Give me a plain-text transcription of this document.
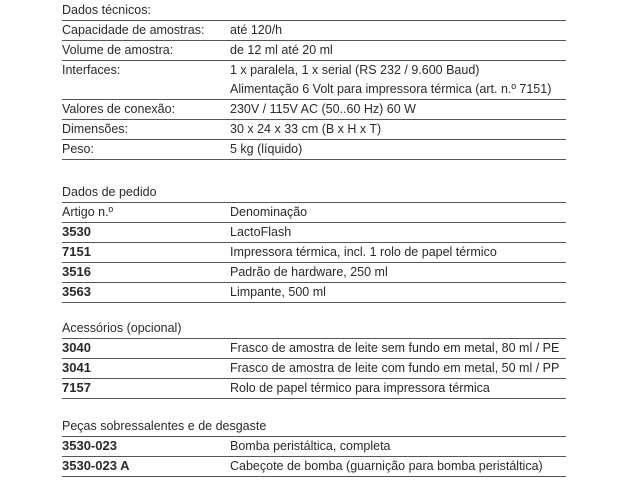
Dados técnicos:
Capacidade de amostras: até 120/h
Volume de amostra:	de 12 ml até 20 ml
Interfaces:	1 x paralela, 1 x serial (RS 232 / 9.600 Baud)
Alimentação 6 Volt para impressora térmica (art. n.º 7151)
Valores de conexão:	230V / 115V AC (50..60 Hz) 60 W
Dimensões:	30 x 24 x 33 cm (B x H x T)
Peso:	5 kg (líquido)
Dados de pedido
Artigo n.º	Denominação
3530	LactoFlash
7151	Impressora térmica, incl. 1 rolo de papel térmico
3516	Padrão de hardware, 250 ml
3563	Limpante, 500 ml
Acessórios (opcional)
3040	Frasco de amostra de leite sem fundo em metal, 80 ml / PE
3041	Frasco de amostra de leite com fundo em metal, 50 ml / PP
7157	Rolo de papel térmico para impressora térmica
Peças sobressalentes e de desgaste
3530-023	Bomba peristáltica, completa
3530-023 A	Cabeçote de bomba (guarnição para bomba peristáltica)
